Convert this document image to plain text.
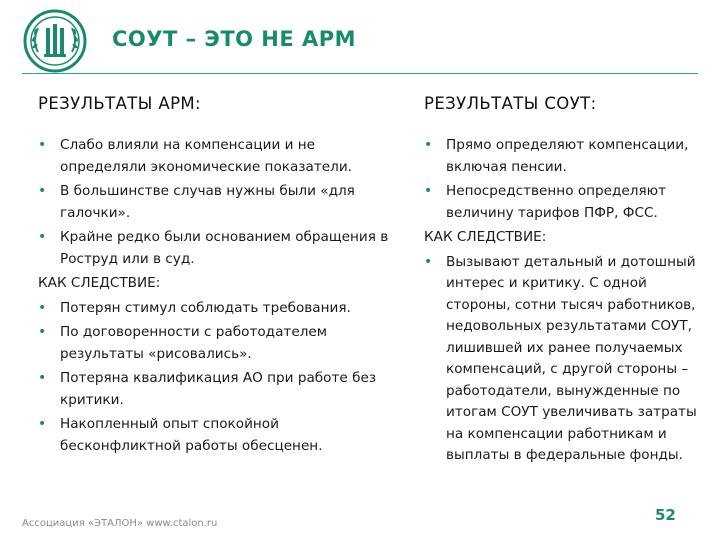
СОУТ – ЭТО НЕ АРМ
РЕЗУЛЬТАТЫ АРМ:
• Слабо влияли на компенсации и не определяли экономические показатели.
• В большинстве случав нужны были «для галочки».
• Крайне редко были основанием обращения в Роструд или в суд.
КАК СЛЕДСТВИЕ:
• Потерян стимул соблюдать требования.
• По договоренности с работодателем результаты «рисовались».
• Потеряна квалификация АО при работе без критики.
• Накопленный опыт спокойной бесконфликтной работы обесценен.
РЕЗУЛЬТАТЫ СОУТ:
• Прямо определяют компенсации, включая пенсии.
• Непосредственно определяют величину тарифов ПФР, ФСС.
КАК СЛЕДСТВИЕ:
• Вызывают детальный и дотошный интерес и критику. С одной стороны, сотни тысяч работников, недовольных результатами СОУТ, лишившей их ранее получаемых компенсаций, с другой стороны – работодатели, вынужденные по итогам СОУТ увеличивать затраты на компенсации работникам и выплаты в федеральные фонды.
Ассоциация «ЭТАЛОН» www.ctalon.ru	52
